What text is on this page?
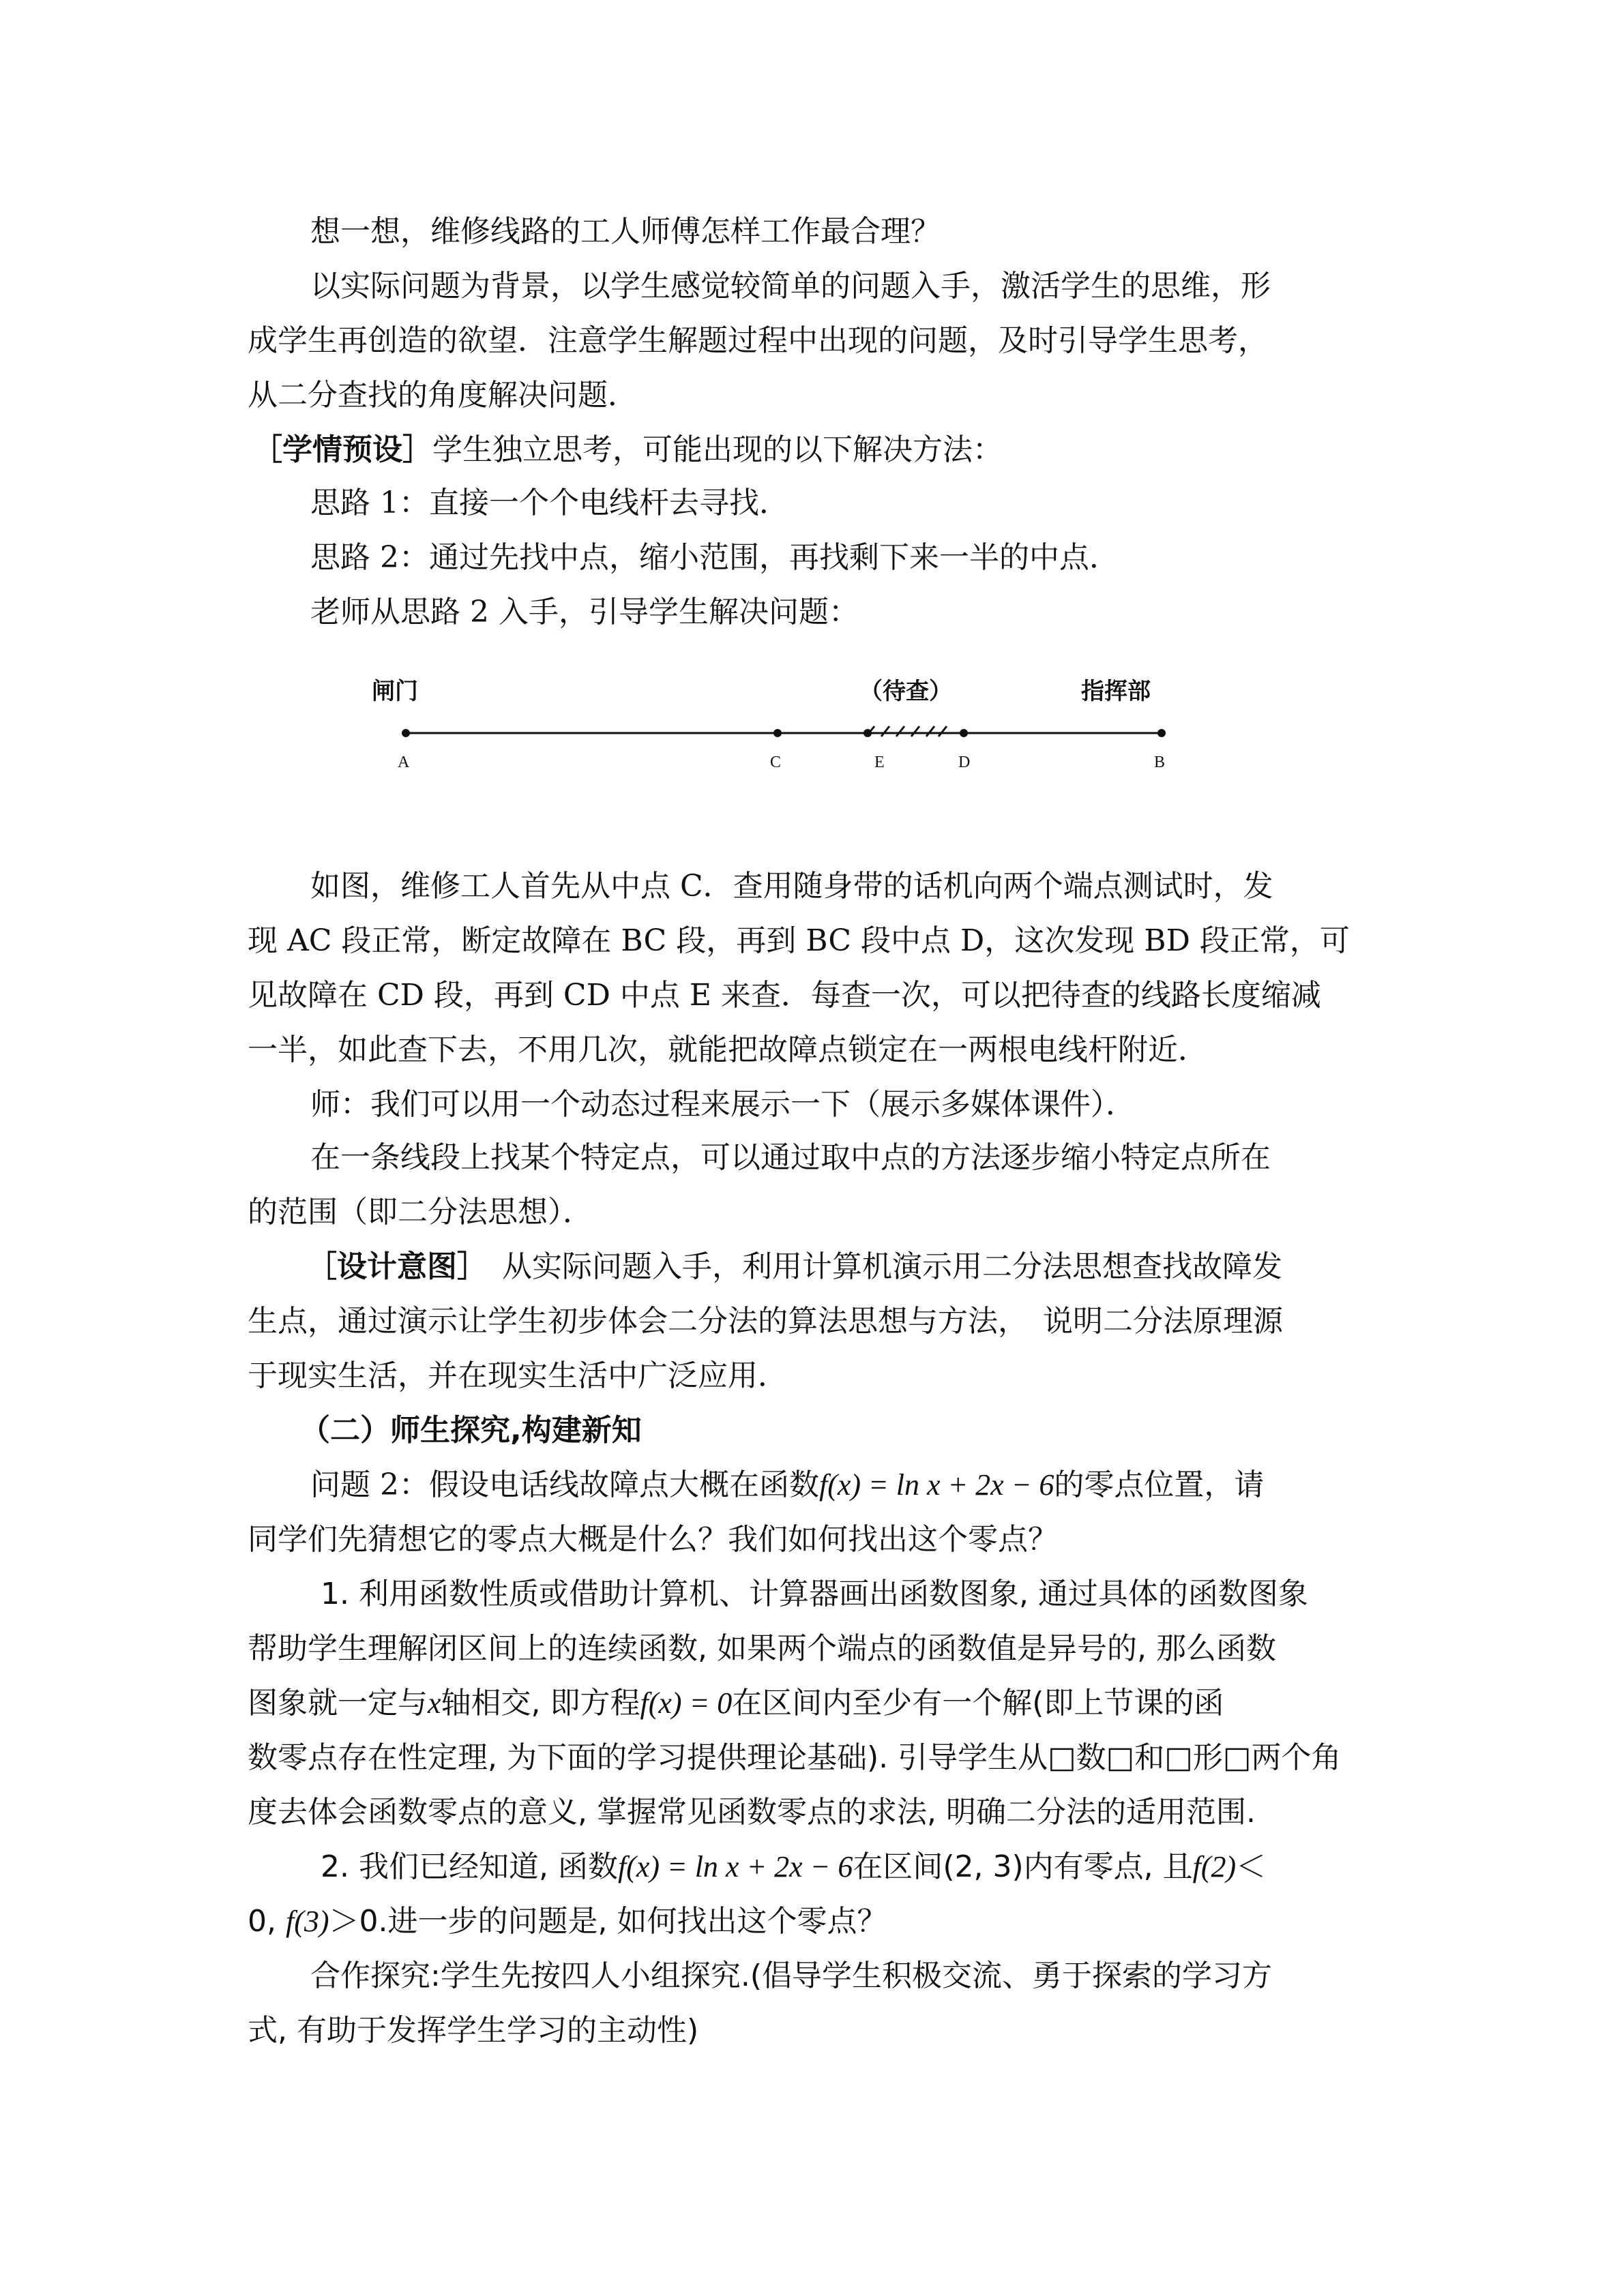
想一想，维修线路的工人师傅怎样工作最合理？
以实际问题为背景，以学生感觉较简单的问题入手，激活学生的思维，形
成学生再创造的欲望．注意学生解题过程中出现的问题，及时引导学生思考，
从二分查找的角度解决问题．
［学情预设］学生独立思考，可能出现的以下解决方法：
思路 1：直接一个个电线杆去寻找．
思路 2：通过先找中点，缩小范围，再找剩下来一半的中点．
老师从思路 2 入手，引导学生解决问题：
闸门	（待查）	指挥部
A	C	E	D	B
如图，维修工人首先从中点 C．查用随身带的话机向两个端点测试时，发
现 AC 段正常，断定故障在 BC 段，再到 BC 段中点 D，这次发现 BD 段正常，可
见故障在 CD 段，再到 CD 中点 E 来查．每查一次，可以把待查的线路长度缩减
一半，如此查下去，不用几次，就能把故障点锁定在一两根电线杆附近．
师：我们可以用一个动态过程来展示一下（展示多媒体课件）．
在一条线段上找某个特定点，可以通过取中点的方法逐步缩小特定点所在
的范围（即二分法思想）．
［设计意图］　从实际问题入手，利用计算机演示用二分法思想查找故障发
生点，通过演示让学生初步体会二分法的算法思想与方法，　说明二分法原理源
于现实生活，并在现实生活中广泛应用．
（二）师生探究,构建新知
问题 2：假设电话线故障点大概在函数f(x) = ln x + 2x − 6的零点位置，请
同学们先猜想它的零点大概是什么？我们如何找出这个零点？
1. 利用函数性质或借助计算机、计算器画出函数图象, 通过具体的函数图象
帮助学生理解闭区间上的连续函数, 如果两个端点的函数值是异号的, 那么函数
图象就一定与x轴相交, 即方程f(x) = 0在区间内至少有一个解(即上节课的函
数零点存在性定理, 为下面的学习提供理论基础). 引导学生从□数□和□形□两个角
度去体会函数零点的意义, 掌握常见函数零点的求法, 明确二分法的适用范围.
2. 我们已经知道, 函数f(x) = ln x + 2x − 6在区间(2, 3)内有零点, 且f(2)＜
0, f(3)＞0.进一步的问题是, 如何找出这个零点？
合作探究:学生先按四人小组探究.(倡导学生积极交流、勇于探索的学习方
式, 有助于发挥学生学习的主动性)
